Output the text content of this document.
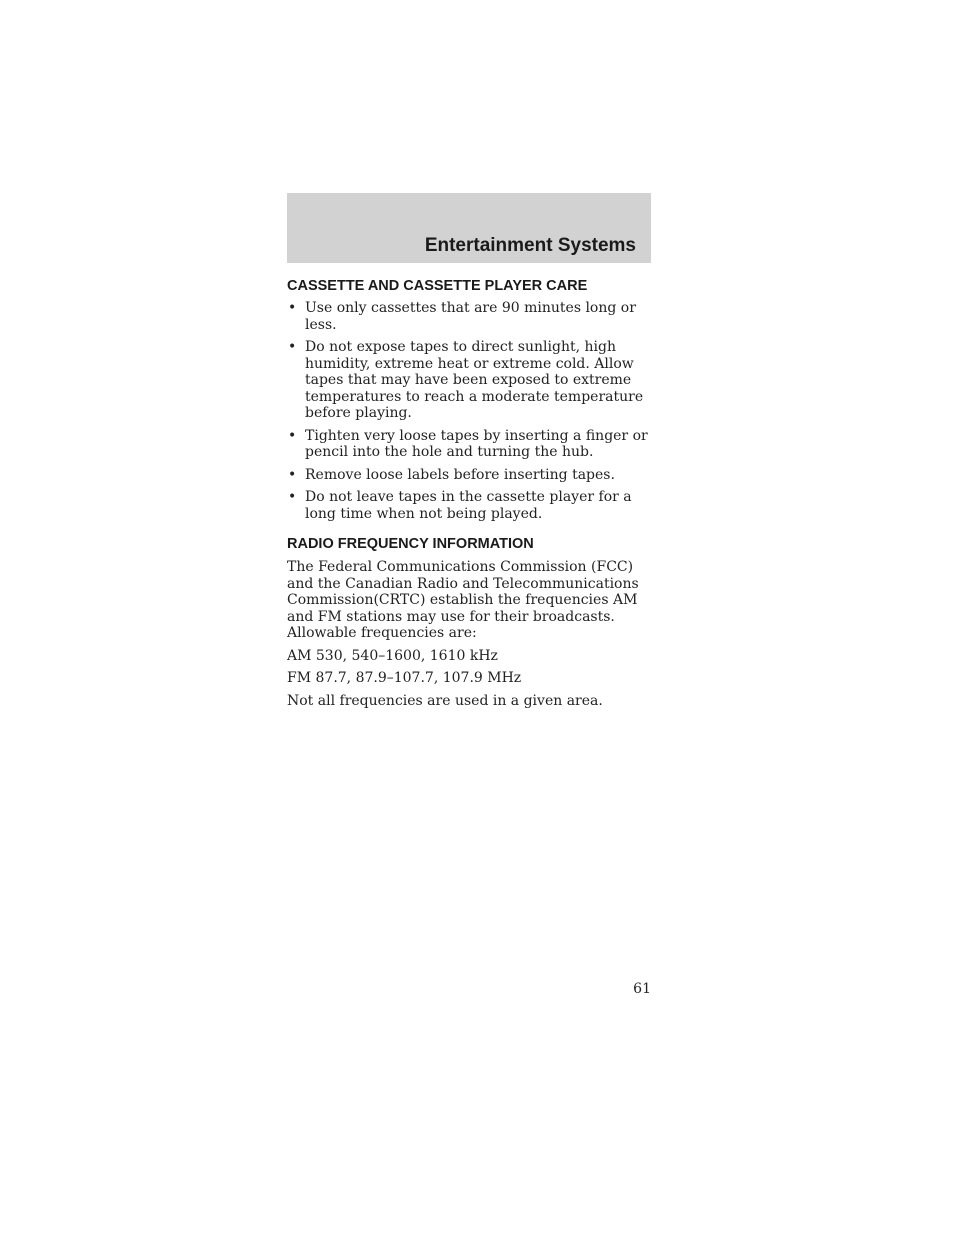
Entertainment Systems
CASSETTE AND CASSETTE PLAYER CARE
• Use only cassettes that are 90 minutes long or less.
• Do not expose tapes to direct sunlight, high humidity, extreme heat or extreme cold. Allow tapes that may have been exposed to extreme temperatures to reach a moderate temperature before playing.
• Tighten very loose tapes by inserting a finger or pencil into the hole and turning the hub.
• Remove loose labels before inserting tapes.
• Do not leave tapes in the cassette player for a long time when not being played.
RADIO FREQUENCY INFORMATION

The Federal Communications Commission (FCC) and the Canadian Radio and Telecommunications Commission(CRTC) establish the frequencies AM and FM stations may use for their broadcasts. Allowable frequencies are:

AM 530, 540–1600, 1610 kHz

FM 87.7, 87.9–107.7, 107.9 MHz

Not all frequencies are used in a given area.

61
